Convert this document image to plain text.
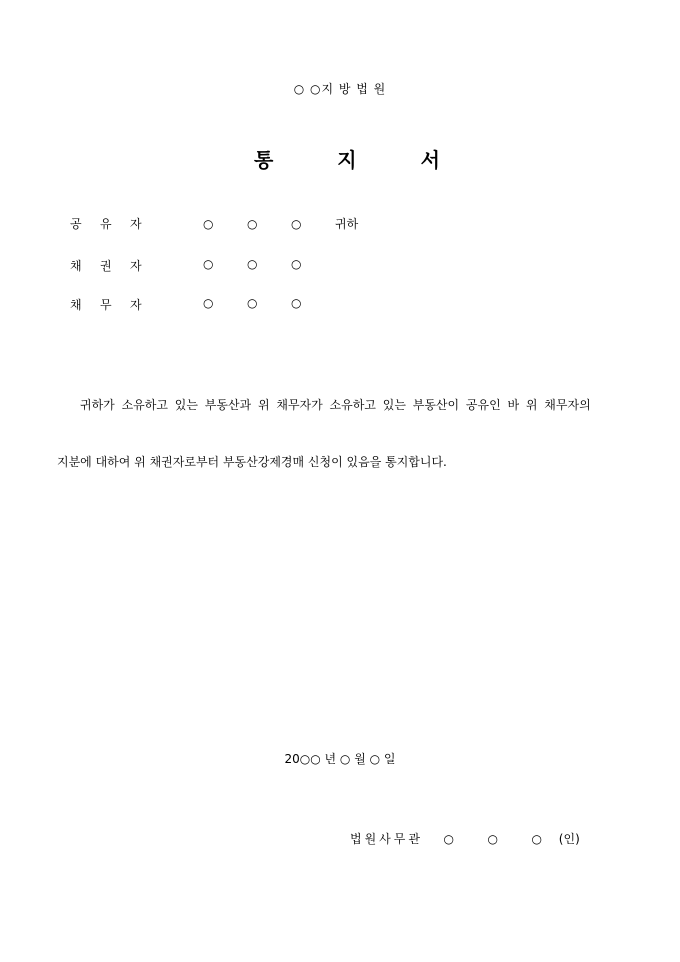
○ ○지 방 법 원

통	지	서

공 유 자	○	○	○	귀하
채 권 자	○	○	○
채 무 자	○	○	○
귀하가 소유하고 있는 부동산과 위 채무자가 소유하고 있는 부동산이 공유인 바 위 채무자의
지분에 대하여 위 채권자로부터 부동산강제경매 신청이 있음을 통지합니다.
20○○ 년 ○ 월 ○ 일
법원사무관 ○	○	○ (인)
